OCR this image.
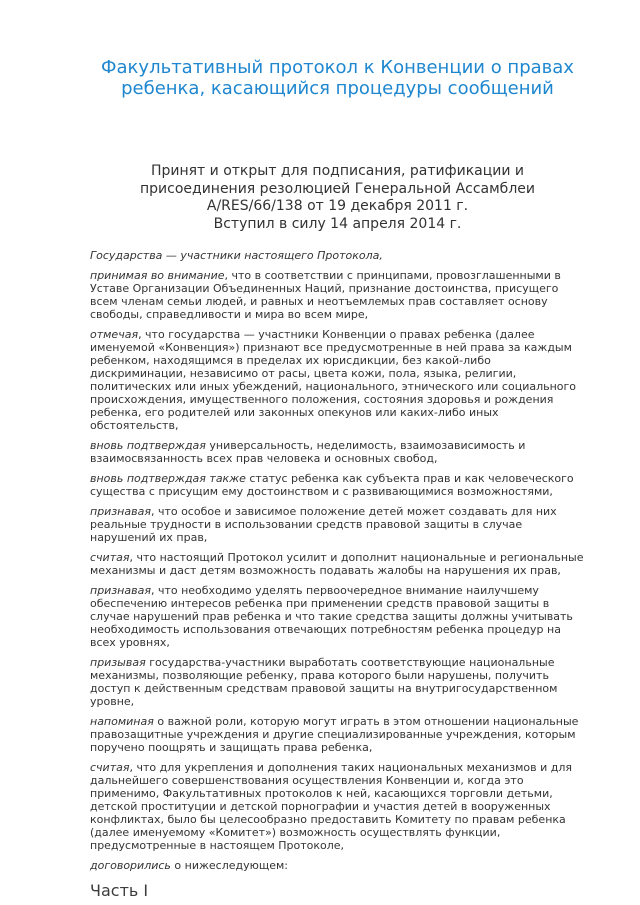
Факультативный протокол к Конвенции о правах
ребенка, касающийся процедуры сообщений
Принят и открыт для подписания, ратификации и
присоединения резолюцией Генеральной Ассамблеи
A/RES/66/138 от 19 декабря 2011 г.
Вступил в силу 14 апреля 2014 г.

Государства — участники настоящего Протокола,

принимая во внимание, что в соответствии с принципами, провозглашенными в Уставе Организации Объединенных Наций, признание достоинства, присущего всем членам семьи людей, и равных и неотъемлемых прав составляет основу свободы, справедливости и мира во всем мире,

отмечая, что государства — участники Конвенции о правах ребенка (далее именуемой «Конвенция») признают все предусмотренные в ней права за каждым ребенком, находящимся в пределах их юрисдикции, без какой-либо дискриминации, независимо от расы, цвета кожи, пола, языка, религии, политических или иных убеждений, национального, этнического или социального происхождения, имущественного положения, состояния здоровья и рождения ребенка, его родителей или законных опекунов или каких-либо иных обстоятельств,

вновь подтверждая универсальность, неделимость, взаимозависимость и взаимосвязанность всех прав человека и основных свобод,

вновь подтверждая также статус ребенка как субъекта прав и как человеческого существа с присущим ему достоинством и с развивающимися возможностями,

признавая, что особое и зависимое положение детей может создавать для них реальные трудности в использовании средств правовой защиты в случае нарушений их прав,

считая, что настоящий Протокол усилит и дополнит национальные и региональные механизмы и даст детям возможность подавать жалобы на нарушения их прав,

признавая, что необходимо уделять первоочередное внимание наилучшему обеспечению интересов ребенка при применении средств правовой защиты в случае нарушений прав ребенка и что такие средства защиты должны учитывать необходимость использования отвечающих потребностям ребенка процедур на всех уровнях,

призывая государства-участники выработать соответствующие национальные механизмы, позволяющие ребенку, права которого были нарушены, получить доступ к действенным средствам правовой защиты на внутригосударственном уровне,

напоминая о важной роли, которую могут играть в этом отношении национальные правозащитные учреждения и другие специализированные учреждения, которым поручено поощрять и защищать права ребенка,

считая, что для укрепления и дополнения таких национальных механизмов и для дальнейшего совершенствования осуществления Конвенции и, когда это применимо, Факультативных протоколов к ней, касающихся торговли детьми, детской проституции и детской порнографии и участия детей в вооруженных конфликтах, было бы целесообразно предоставить Комитету по правам ребенка (далее именуемому «Комитет») возможность осуществлять функции, предусмотренные в настоящем Протоколе,

договорились о нижеследующем:

Часть I
